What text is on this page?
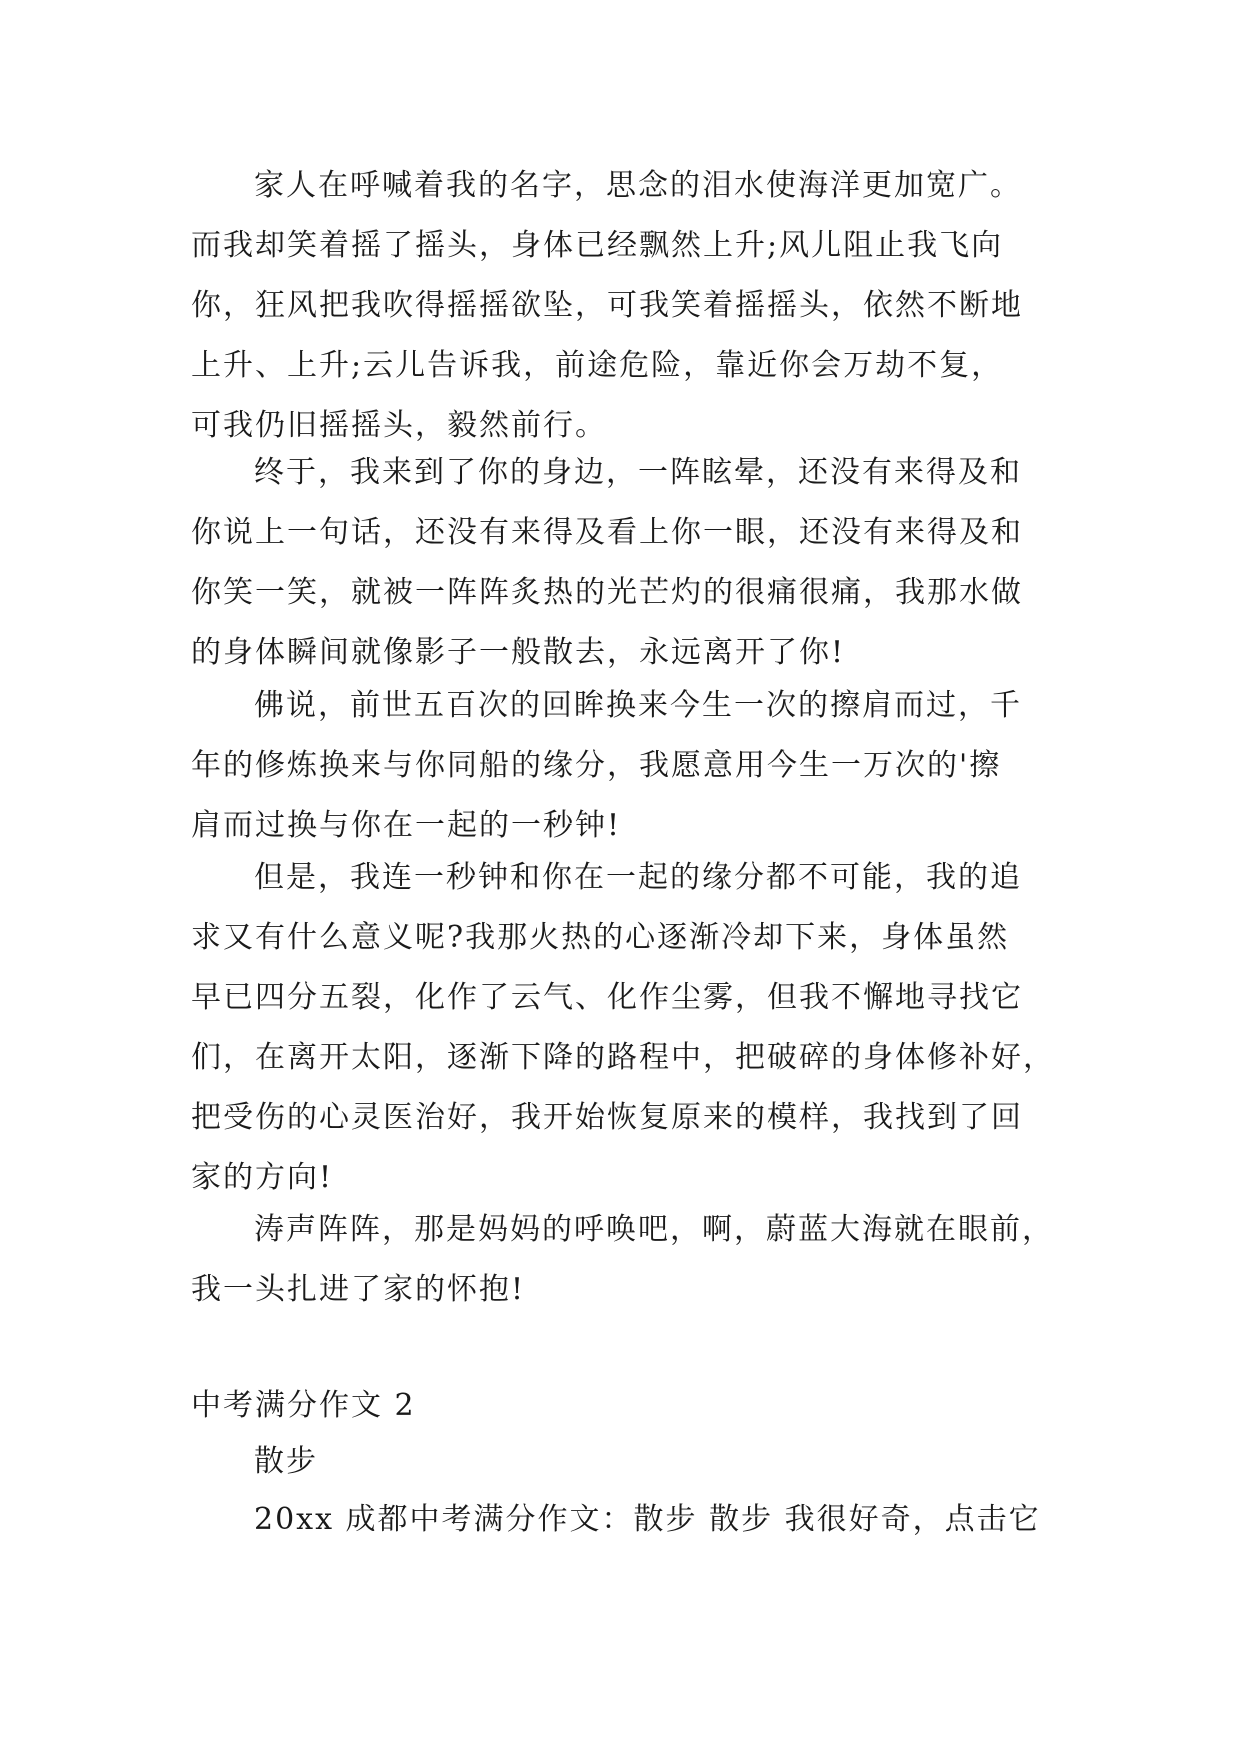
家人在呼喊着我的名字，思念的泪水使海洋更加宽广。
而我却笑着摇了摇头，身体已经飘然上升;风儿阻止我飞向
你，狂风把我吹得摇摇欲坠，可我笑着摇摇头，依然不断地
上升、上升;云儿告诉我，前途危险，靠近你会万劫不复，
可我仍旧摇摇头，毅然前行。
终于，我来到了你的身边，一阵眩晕，还没有来得及和
你说上一句话，还没有来得及看上你一眼，还没有来得及和
你笑一笑，就被一阵阵炙热的光芒灼的很痛很痛，我那水做
的身体瞬间就像影子一般散去，永远离开了你!
佛说，前世五百次的回眸换来今生一次的擦肩而过，千
年的修炼换来与你同船的缘分，我愿意用今生一万次的'擦
肩而过换与你在一起的一秒钟!
但是，我连一秒钟和你在一起的缘分都不可能，我的追
求又有什么意义呢?我那火热的心逐渐冷却下来，身体虽然
早已四分五裂，化作了云气、化作尘雾，但我不懈地寻找它
们，在离开太阳，逐渐下降的路程中，把破碎的身体修补好，
把受伤的心灵医治好，我开始恢复原来的模样，我找到了回
家的方向!
涛声阵阵，那是妈妈的呼唤吧，啊，蔚蓝大海就在眼前，
我一头扎进了家的怀抱!
中考满分作文 2
散步
20xx 成都中考满分作文：散步 散步 我很好奇，点击它
